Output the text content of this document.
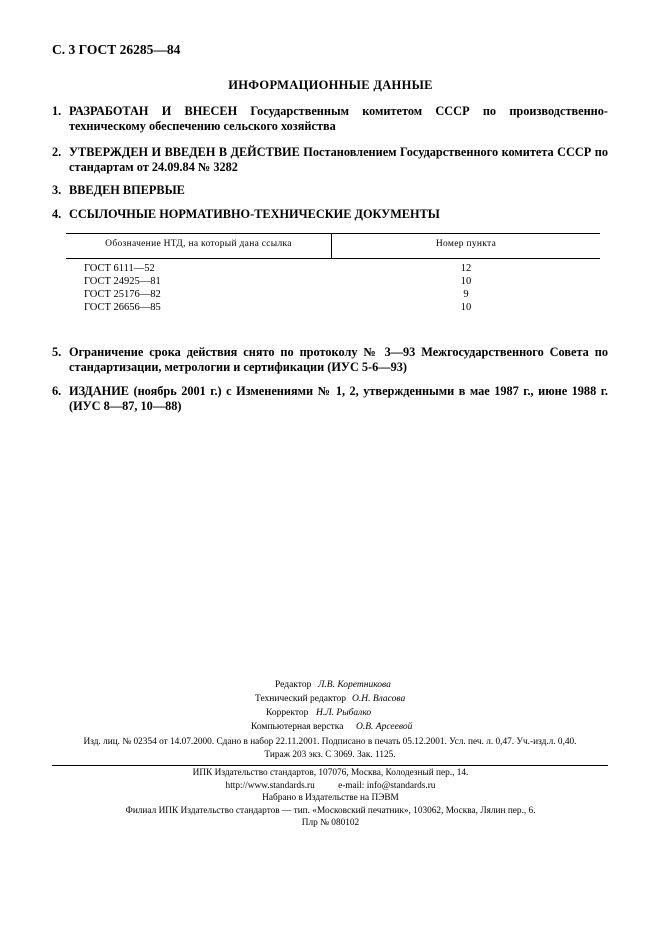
С. 3 ГОСТ 26285—84
ИНФОРМАЦИОННЫЕ ДАННЫЕ
1. РАЗРАБОТАН И ВНЕСЕН Государственным комитетом СССР по производственно-техническому обеспечению сельского хозяйства
2. УТВЕРЖДЕН И ВВЕДЕН В ДЕЙСТВИЕ Постановлением Государственного комитета СССР по стандартам от 24.09.84 № 3282
3. ВВЕДЕН ВПЕРВЫЕ
4. ССЫЛОЧНЫЕ НОРМАТИВНО-ТЕХНИЧЕСКИЕ ДОКУМЕНТЫ
Обозначение НТД, на который дана ссылка	Номер пункта
ГОСТ 6111—52	12
ГОСТ 24925—81	10
ГОСТ 25176—82	9
ГОСТ 26656—85	10
5. Ограничение срока действия снято по протоколу № 3—93 Межгосударственного Совета по стандартизации, метрологии и сертификации (ИУС 5-6—93)
6. ИЗДАНИЕ (ноябрь 2001 г.) с Изменениями № 1, 2, утвержденными в мае 1987 г., июне 1988 г. (ИУС 8—87, 10—88)
Редактор Л.В. Коретникова
Технический редактор О.Н. Власова
Корректор Н.Л. Рыбалко
Компьютерная верстка О.В. Арсеевой
Изд. лиц. № 02354 от 14.07.2000. Сдано в набор 22.11.2001. Подписано в печать 05.12.2001. Усл. печ. л. 0,47. Уч.-изд.л. 0,40.
Тираж 203 экз. С 3069. Зак. 1125.
ИПК Издательство стандартов, 107076, Москва, Колодезный пер., 14.
http://www.standards.ru	e-mail: info@standards.ru
Набрано в Издательстве на ПЭВМ
Филиал ИПК Издательство стандартов — тип. «Московский печатник», 103062, Москва, Лялин пер., 6.
Плр № 080102
